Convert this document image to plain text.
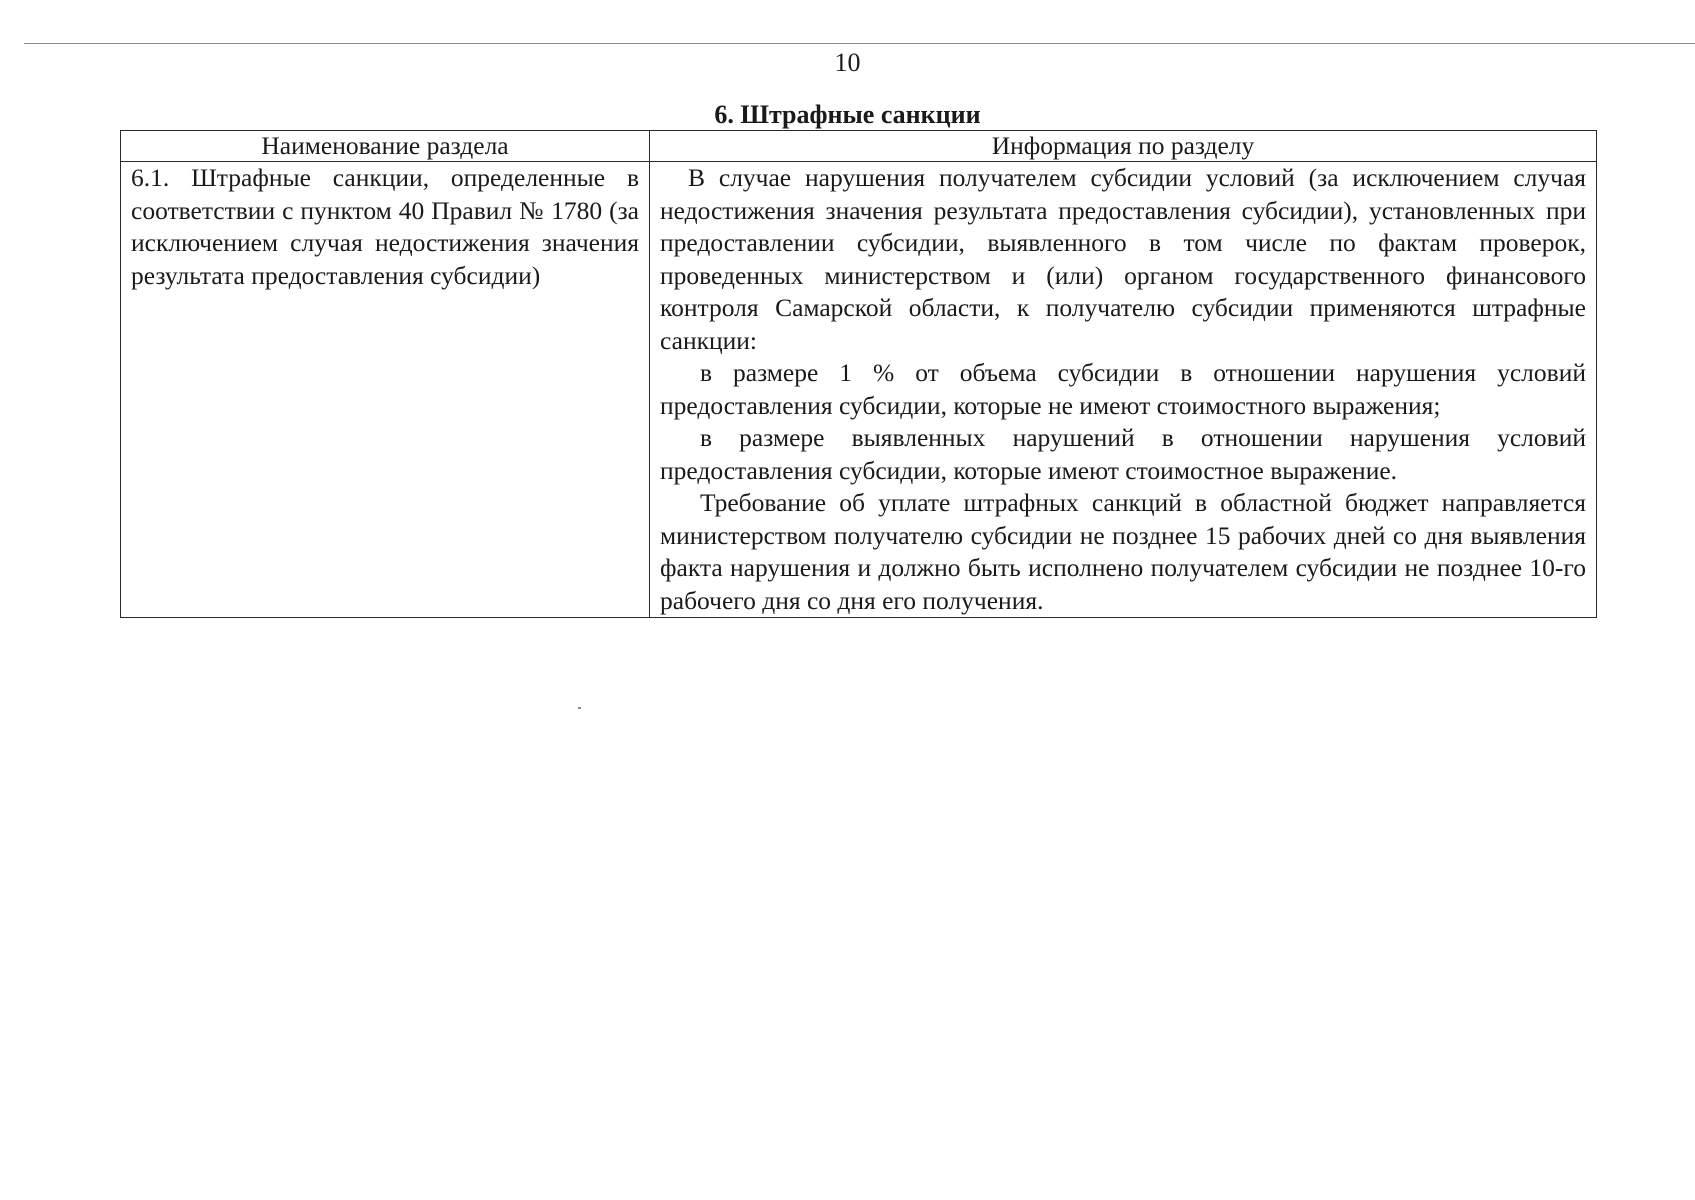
10
6. Штрафные санкции
Наименование раздела	Информация по разделу

6.1. Штрафные санкции, определенные в соответствии с пунктом 40 Правил № 1780 (за исключением случая недостижения значения результата предоставления субсидии)	В случае нарушения получателем субсидии условий (за исключением случая недостижения значения результата предоставления субсидии), установленных при предоставлении субсидии, выявленного в том числе по фактам проверок, проведенных министерством и (или) органом государственного финансового контроля Самарской области, к получателю субсидии применяются штрафные санкции:

в размере 1 % от объема субсидии в отношении нарушения условий предоставления субсидии, которые не имеют стоимостного выражения;

в размере выявленных нарушений в отношении нарушения условий предоставления субсидии, которые имеют стоимостное выражение.

Требование об уплате штрафных санкций в областной бюджет направляется министерством получателю субсидии не позднее 15 рабочих дней со дня выявления факта нарушения и должно быть исполнено получателем субсидии не позднее 10-го рабочего дня со дня его получения.
